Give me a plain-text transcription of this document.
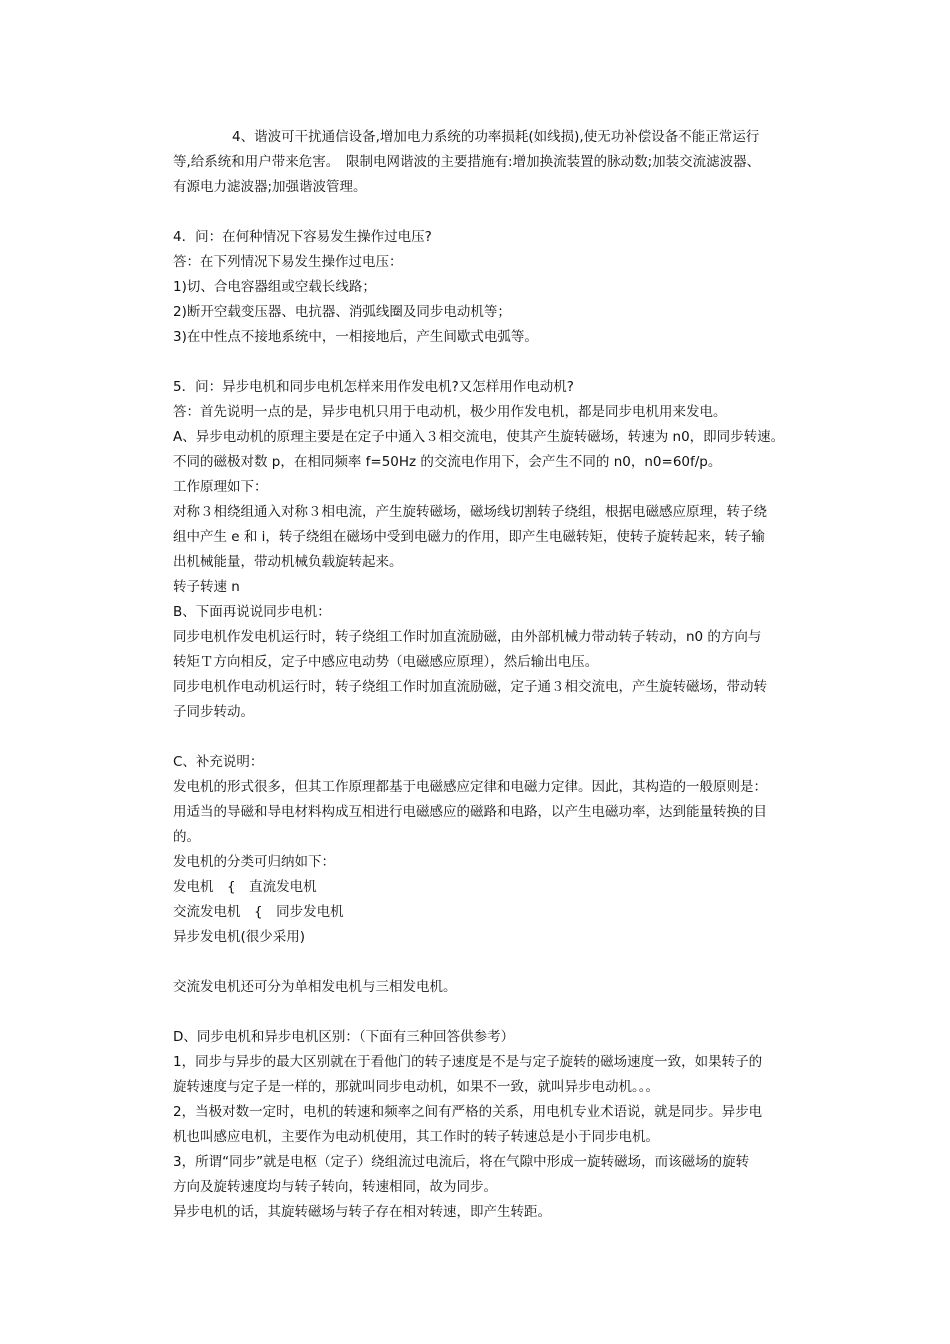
4、谐波可干扰通信设备,增加电力系统的功率损耗(如线损),使无功补偿设备不能正常运行
等,给系统和用户带来危害。　限制电网谐波的主要措施有:增加换流装置的脉动数;加装交流滤波器、
有源电力滤波器;加强谐波管理。
4．问：在何种情况下容易发生操作过电压?
答：在下列情况下易发生操作过电压：
1)切、合电容器组或空载长线路；
2)断开空载变压器、电抗器、消弧线圈及同步电动机等；
3)在中性点不接地系统中，一相接地后，产生间歇式电弧等。
5．问：异步电机和同步电机怎样来用作发电机?又怎样用作电动机?
答：首先说明一点的是，异步电机只用于电动机，极少用作发电机，都是同步电机用来发电。
A、异步电动机的原理主要是在定子中通入３相交流电，使其产生旋转磁场，转速为 n0，即同步转速。
不同的磁极对数 p，在相同频率 f=50Hz 的交流电作用下，会产生不同的 n0，n0=60f/p。
工作原理如下：
对称３相绕组通入对称３相电流，产生旋转磁场，磁场线切割转子绕组，根据电磁感应原理，转子绕
组中产生 e 和 i，转子绕组在磁场中受到电磁力的作用，即产生电磁转矩，使转子旋转起来，转子输
出机械能量，带动机械负载旋转起来。
转子转速 n
B、下面再说说同步电机：
同步电机作发电机运行时，转子绕组工作时加直流励磁，由外部机械力带动转子转动，n0 的方向与
转矩Ｔ方向相反，定子中感应电动势（电磁感应原理），然后输出电压。
同步电机作电动机运行时，转子绕组工作时加直流励磁，定子通３相交流电，产生旋转磁场，带动转
子同步转动。
C、补充说明：
发电机的形式很多，但其工作原理都基于电磁感应定律和电磁力定律。因此，其构造的一般原则是：
用适当的导磁和导电材料构成互相进行电磁感应的磁路和电路，以产生电磁功率，达到能量转换的目
的。
发电机的分类可归纳如下：
发电机　{　直流发电机
交流发电机　{　同步发电机
异步发电机(很少采用)
交流发电机还可分为单相发电机与三相发电机。
D、同步电机和异步电机区别：（下面有三种回答供参考）
1，同步与异步的最大区别就在于看他门的转子速度是不是与定子旋转的磁场速度一致，如果转子的
旋转速度与定子是一样的，那就叫同步电动机，如果不一致，就叫异步电动机。。。
2，当极对数一定时，电机的转速和频率之间有严格的关系，用电机专业术语说，就是同步。异步电
机也叫感应电机，主要作为电动机使用，其工作时的转子转速总是小于同步电机。
3，所谓“同步”就是电枢（定子）绕组流过电流后，将在气隙中形成一旋转磁场，而该磁场的旋转
方向及旋转速度均与转子转向，转速相同，故为同步。
异步电机的话，其旋转磁场与转子存在相对转速，即产生转距。
